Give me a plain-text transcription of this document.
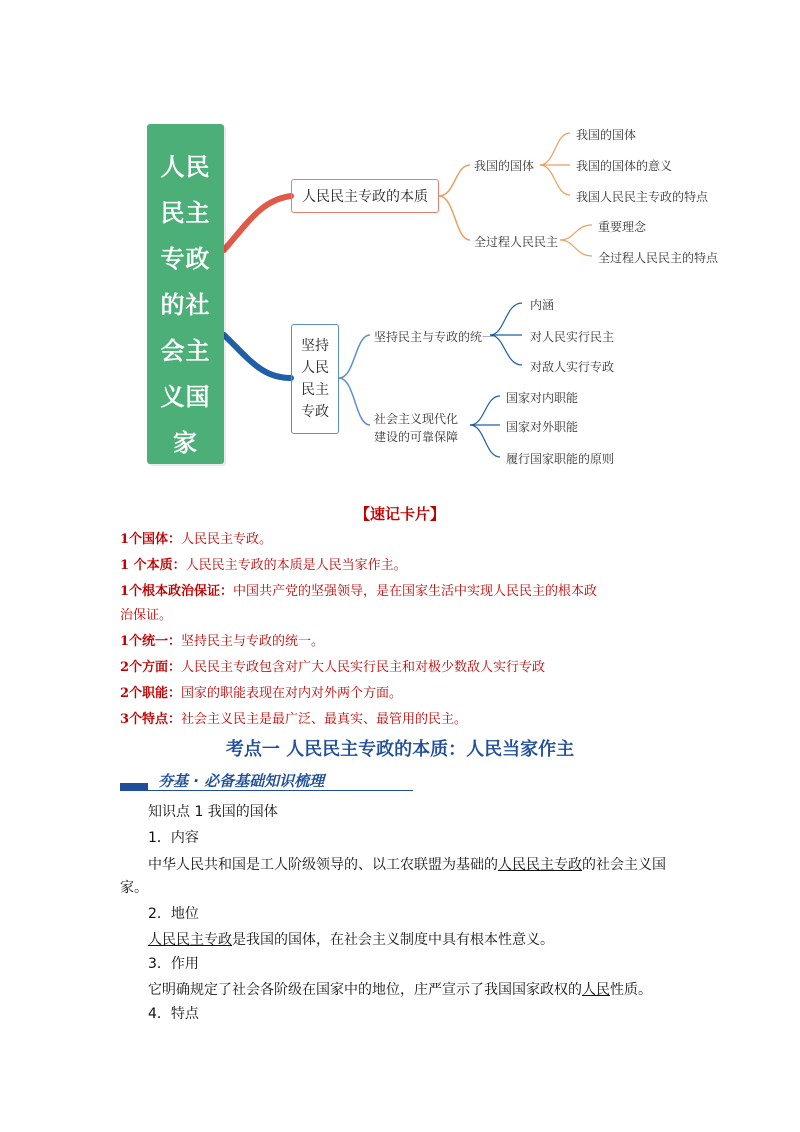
人民
民主
专政
的社
会主
义国
家
人民民主专政的本质
我国的国体
我国的国体
我国的国体的意义
我国人民民主专政的特点
全过程人民民主
重要理念
全过程人民民主的特点
坚持
人民
民主
专政
坚持民主与专政的统一
内涵
对人民实行民主
对敌人实行专政
社会主义现代化
建设的可靠保障
国家对内职能
国家对外职能
履行国家职能的原则
【速记卡片】
1个国体：人民民主专政。
1 个本质：人民民主专政的本质是人民当家作主。
1个根本政治保证：中国共产党的坚强领导，是在国家生活中实现人民民主的根本政
治保证。
1个统一：坚持民主与专政的统一。
2个方面：人民民主专政包含对广大人民实行民主和对极少数敌人实行专政
2个职能：国家的职能表现在对内对外两个方面。
3个特点：社会主义民主是最广泛、最真实、最管用的民主。
考点一 人民民主专政的本质：人民当家作主
夯基 · 必备基础知识梳理
知识点 1 我国的国体
1．内容
中华人民共和国是工人阶级领导的、以工农联盟为基础的人民民主专政的社会主义国
家。
2．地位
人民民主专政是我国的国体，在社会主义制度中具有根本性意义。
3．作用
它明确规定了社会各阶级在国家中的地位，庄严宣示了我国国家政权的人民性质。
4．特点
